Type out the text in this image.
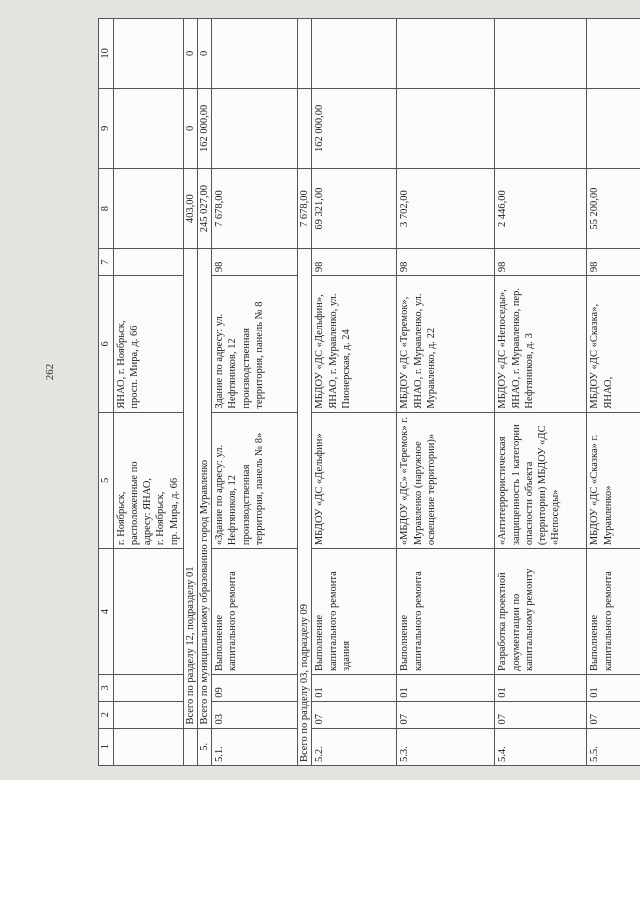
262
1	2	3	4	5	6	7	8	9	10
				г. Ноябрьск,
расположенные по
адресу: ЯНАО,
г. Ноябрьск,
пр. Мира, д. 66	ЯНАО, г. Ноябрьск,
просп. Мира, д. 66				
	Всего по разделу 12, подразделу 01						403,00	0	0
5.	Всего по муниципальному образованию город Муравленко						245 027,00	162 000,00	0
5.1.	03	09	Выполнение капитального ремонта	«Здание по адресу: ул. Нефтяников, 12 производственная территория, панель № 8»	Здание по адресу: ул. Нефтяников, 12 производственная территория, панель № 8	98	7 678,00		
Всего по разделу 03, подразделу 09							7 678,00		
5.2.	07	01	Выполнение капитального ремонта здания	МБДОУ «ДС «Дельфин»	МБДОУ «ДС «Дельфин», ЯНАО, г. Муравленко, ул. Пионерская, д. 24	98	69 321,00	162 000,00	
5.3.	07	01	Выполнение капитального ремонта	«МБДОУ «ДС» «Теремок» г. Муравленко (наружное освещение территории)»	МБДОУ «ДС «Теремок», ЯНАО, г. Муравленко, ул. Муравленко, д. 22	98	3 702,00		
5.4.	07	01	Разработка проектной документации по капитальному ремонту	«Антитеррористическая защищенность 1 категории опасности объекта (территории) МБДОУ «ДС «Непоседы»	МБДОУ «ДС «Непоседы», ЯНАО, г. Муравленко, пер. Нефтяников, д. 3	98	2 446,00		
5.5.	07	01	Выполнение капитального ремонта	МБДОУ «ДС «Сказка» г. Муравленко»	МБДОУ «ДС «Сказка», ЯНАО,	98	55 200,00		
